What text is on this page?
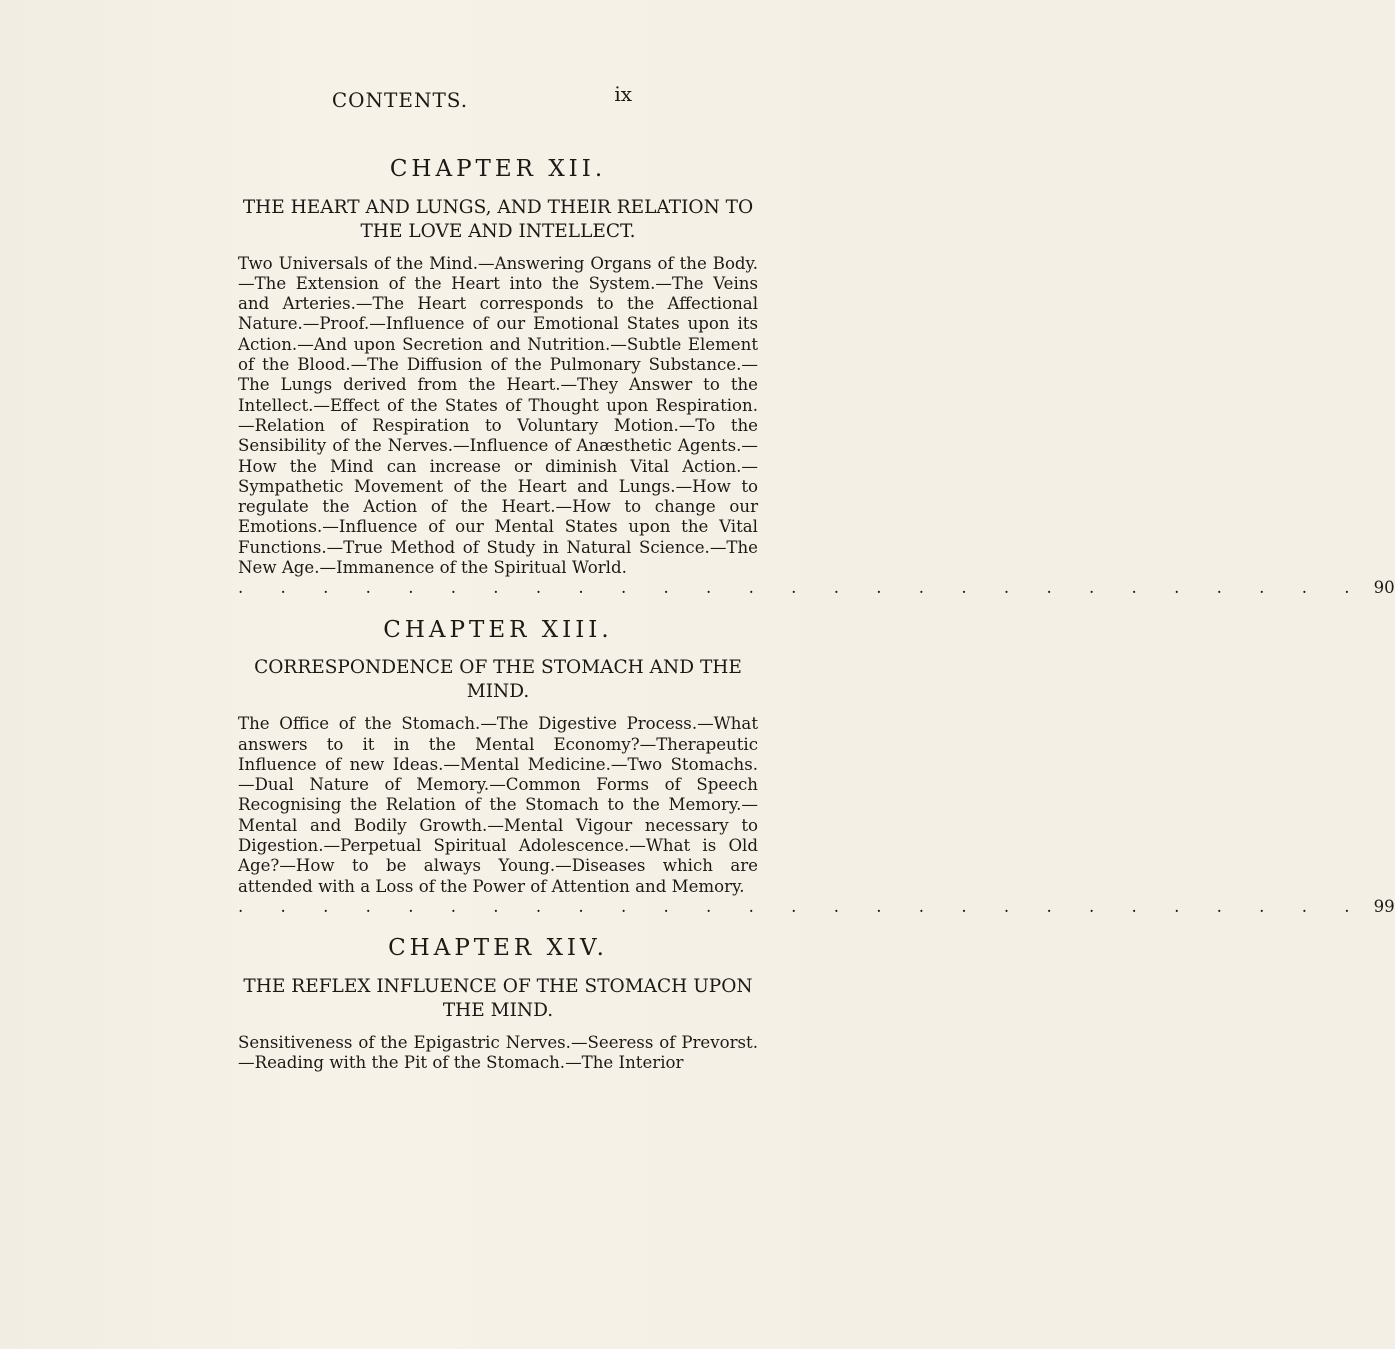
CONTENTS.	ix
CHAPTER XII.
THE HEART AND LUNGS, AND THEIR RELATION TO THE LOVE AND INTELLECT.

Two Universals of the Mind.—Answering Organs of the Body.—The Extension of the Heart into the System.—The Veins and Arteries.—The Heart corresponds to the Affectional Nature.—Proof.—Influence of our Emotional States upon its Action.—And upon Secretion and Nutrition.—Subtle Element of the Blood.—The Diffusion of the Pulmonary Substance.—The Lungs derived from the Heart.—They Answer to the Intellect.—Effect of the States of Thought upon Respiration.—Relation of Respiration to Voluntary Motion.—To the Sensibility of the Nerves.—Influence of Anæsthetic Agents.—How the Mind can increase or diminish Vital Action.—Sympathetic Movement of the Heart and Lungs.—How to regulate the Action of the Heart.—How to change our Emotions.—Influence of our Mental States upon the Vital Functions.—True Method of Study in Natural Science.—The New Age.—Immanence of the Spiritual World.

. . . . . . . . . . . . . . . . . . . . . . . . . . . 90
CHAPTER XIII.
CORRESPONDENCE OF THE STOMACH AND THE MIND.

The Office of the Stomach.—The Digestive Process.—What answers to it in the Mental Economy?—Therapeutic Influence of new Ideas.—Mental Medicine.—Two Stomachs.—Dual Nature of Memory.—Common Forms of Speech Recognising the Relation of the Stomach to the Memory.—Mental and Bodily Growth.—Mental Vigour necessary to Digestion.—Perpetual Spiritual Adolescence.—What is Old Age?—How to be always Young.—Diseases which are attended with a Loss of the Power of Attention and Memory.

. . . . . . . . . . . . . . . . . . . . . . . . . . . 99
CHAPTER XIV.
THE REFLEX INFLUENCE OF THE STOMACH UPON THE MIND.

Sensitiveness of the Epigastric Nerves.—Seeress of Prevorst.—Reading with the Pit of the Stomach.—The Interior
